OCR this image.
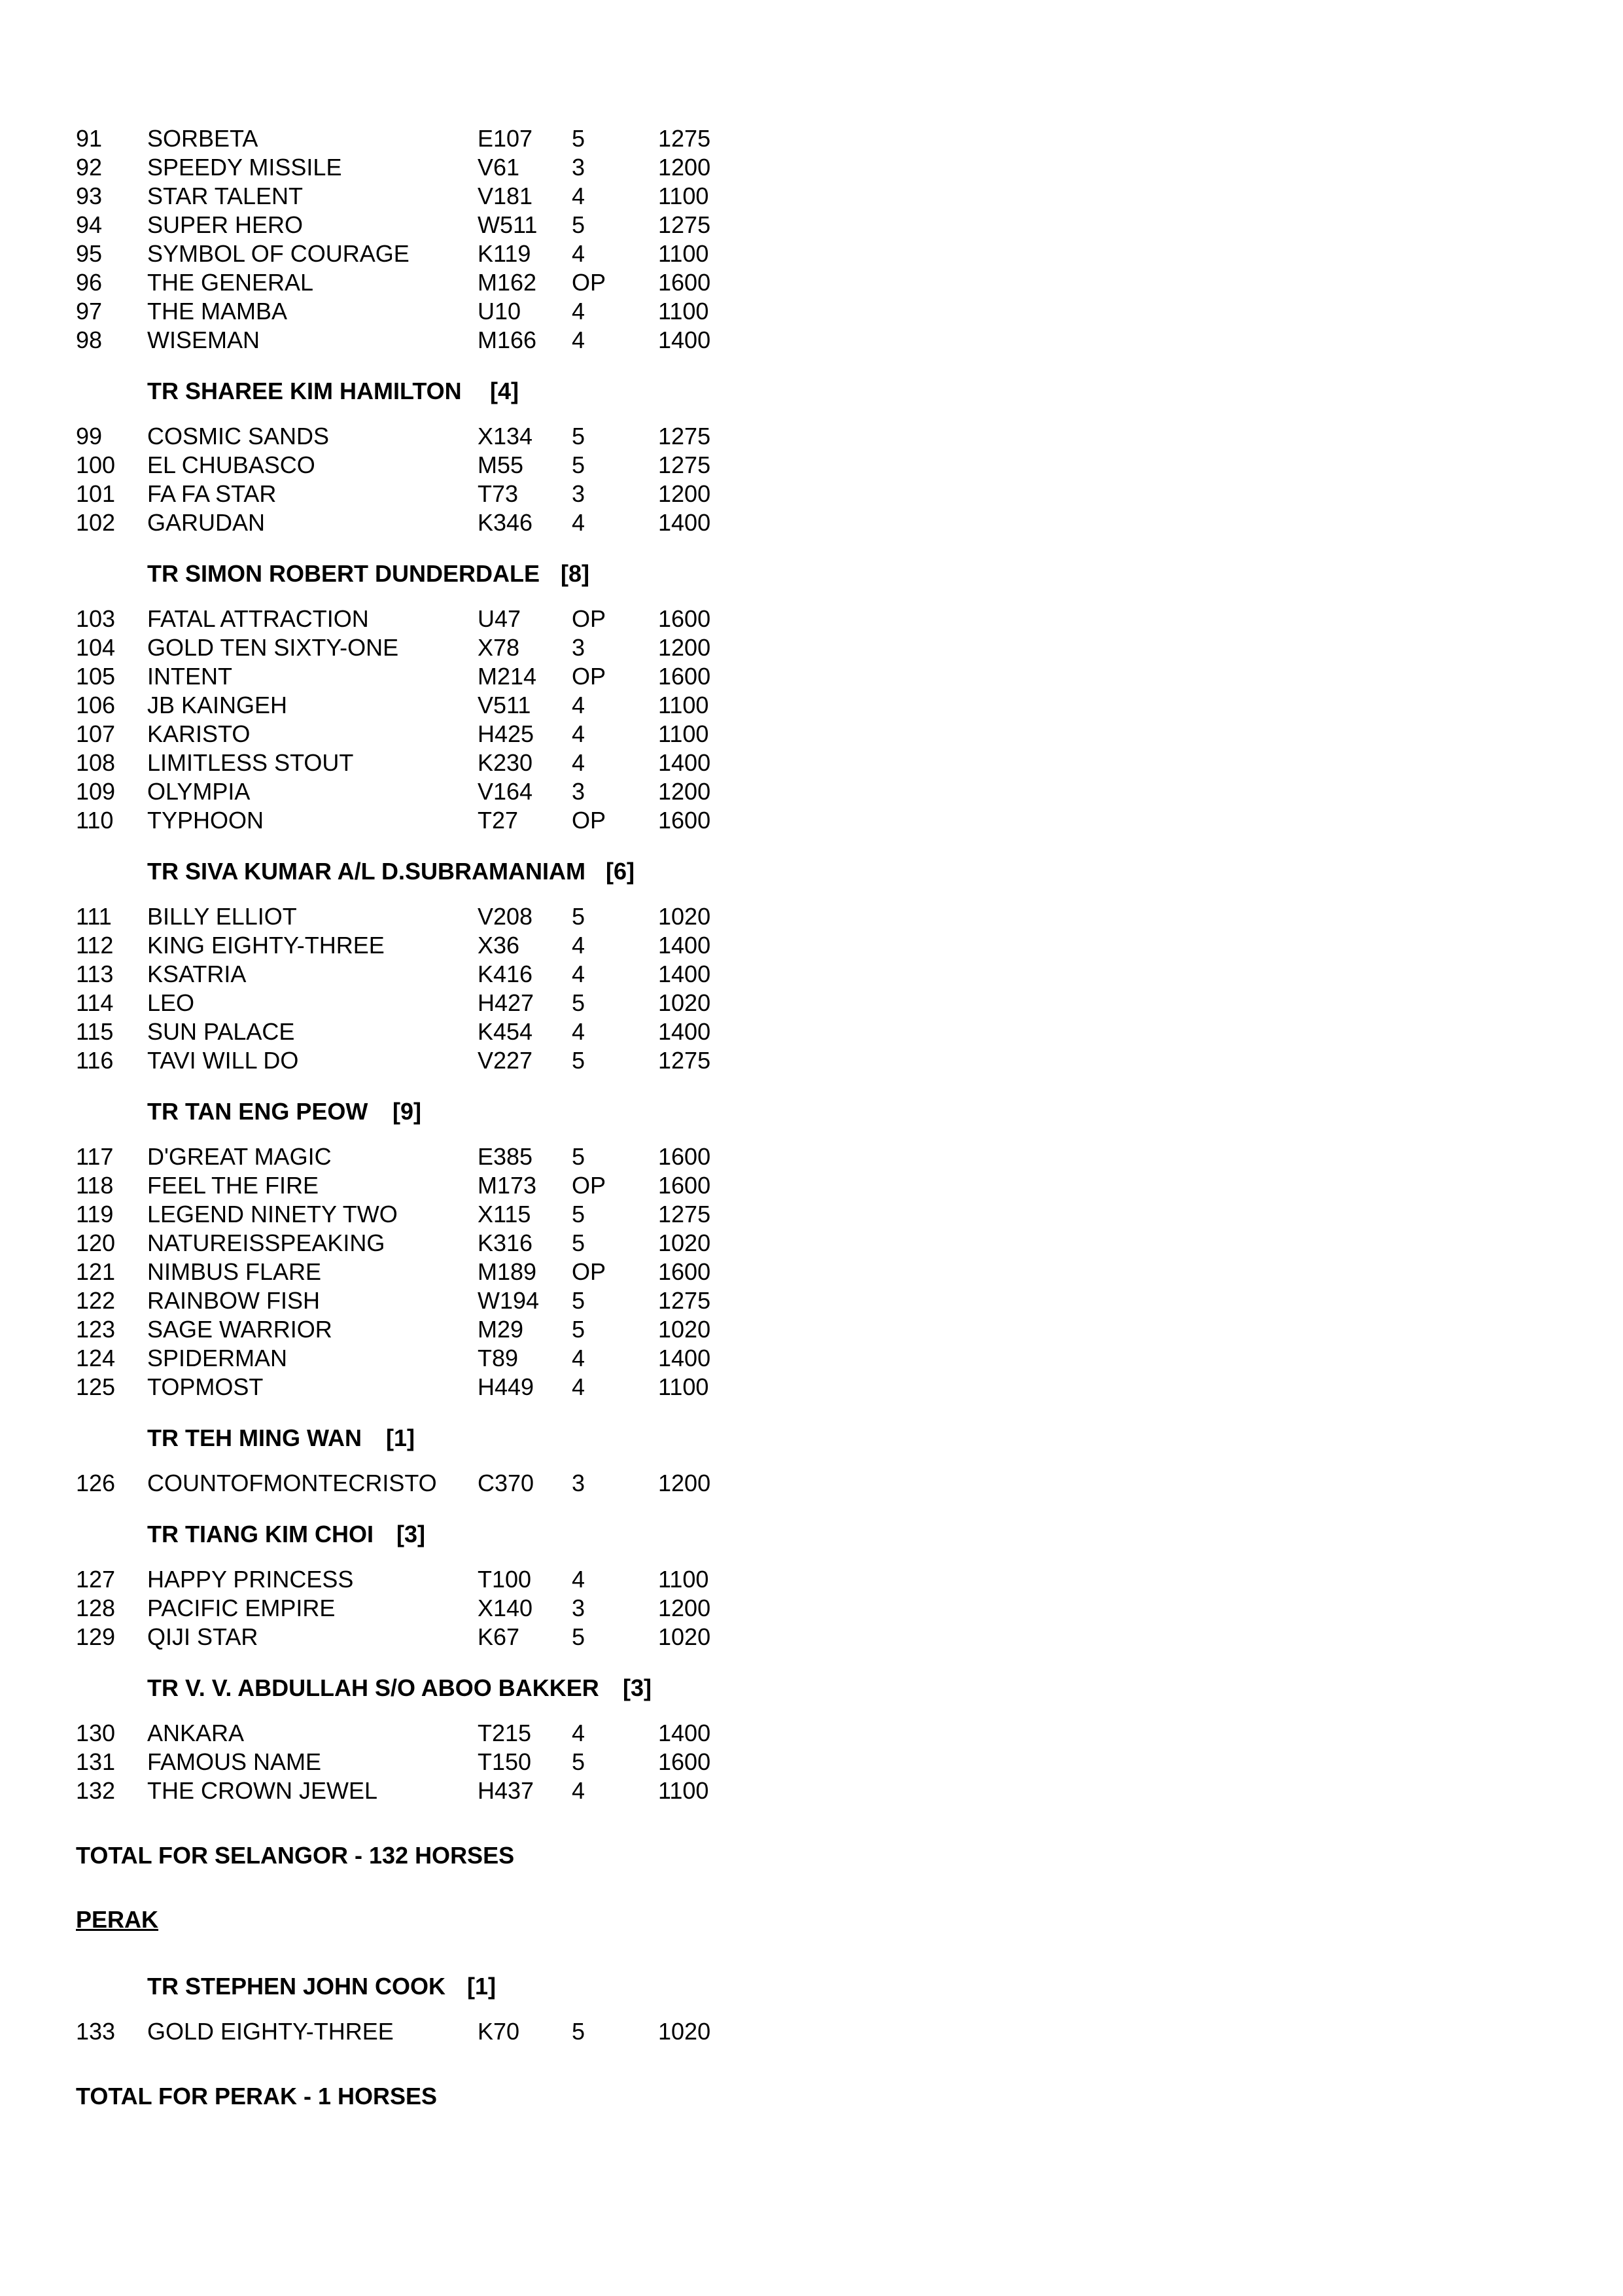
91 SORBETA	E107 5	1275
92 SPEEDY MISSILE	V61 3	1200
93 STAR TALENT	V181 4	1100
94 SUPER HERO	W511 5	1275
95 SYMBOL OF COURAGE	K119 4	1100
96 THE GENERAL	M162 OP 1600
97 THE MAMBA	U10 4	1100
98 WISEMAN	M166 4	1400
TR SHAREE KIM HAMILTON [4]
99 COSMIC SANDS	X134 5	1275
100 EL CHUBASCO	M55 5	1275
101 FA FA STAR	T73 3	1200
102 GARUDAN	K346 4	1400
TR SIMON ROBERT DUNDERDALE [8]
103 FATAL ATTRACTION	U47 OP 1600
104 GOLD TEN SIXTY-ONE	X78 3	1200
105 INTENT	M214 OP 1600
106 JB KAINGEH	V511 4	1100
107 KARISTO	H425 4	1100
108 LIMITLESS STOUT	K230 4	1400
109 OLYMPIA	V164 3	1200
110 TYPHOON	T27 OP 1600
TR SIVA KUMAR A/L D.SUBRAMANIAM [6]
111 BILLY ELLIOT	V208 5	1020
112 KING EIGHTY-THREE	X36 4	1400
113 KSATRIA	K416 4	1400
114 LEO	H427 5	1020
115 SUN PALACE	K454 4	1400
116 TAVI WILL DO	V227 5	1275
TR TAN ENG PEOW [9]
117 D'GREAT MAGIC	E385 5	1600
118 FEEL THE FIRE	M173 OP 1600
119 LEGEND NINETY TWO	X115 5	1275
120 NATUREISSPEAKING	K316 5	1020
121 NIMBUS FLARE	M189 OP 1600
122 RAINBOW FISH	W194 5	1275
123 SAGE WARRIOR	M29 5	1020
124 SPIDERMAN	T89 4	1400
125 TOPMOST	H449 4	1100
TR TEH MING WAN [1]
126 COUNTOFMONTECRISTO C370 3	1200
TR TIANG KIM CHOI [3]
127 HAPPY PRINCESS	T100 4	1100
128 PACIFIC EMPIRE	X140 3	1200
129 QIJI STAR	K67 5	1020
TR V. V. ABDULLAH S/O ABOO BAKKER [3]
130 ANKARA	T215 4	1400
131 FAMOUS NAME	T150 5	1600
132 THE CROWN JEWEL	H437 4	1100
TOTAL FOR SELANGOR - 132 HORSES
PERAK
TR STEPHEN JOHN COOK [1]
133 GOLD EIGHTY-THREE	K70 5	1020
TOTAL FOR PERAK - 1 HORSES
